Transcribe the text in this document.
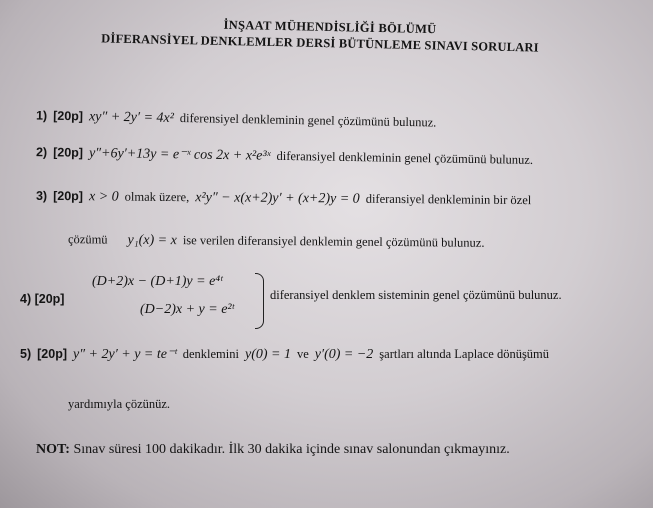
İNŞAAT MÜHENDİSLİĞİ BÖLÜMÜ
DİFERANSİYEL DENKLEMLER DERSİ BÜTÜNLEME SINAVI SORULARI
1) [20p] xy″ + 2y′ = 4x² diferensiyel denkleminin genel çözümünü bulunuz.
2) [20p] y″+6y′+13y = e⁻ˣ cos 2x + x²e³ˣ diferansiyel denkleminin genel çözümünü bulunuz.
3) [20p] x > 0 olmak üzere, x²y″ − x(x+2)y′ + (x+2)y = 0 diferansiyel denkleminin bir özel
çözümü y₁(x) = x ise verilen diferansiyel denklemin genel çözümünü bulunuz.
4) [20p]
(D+2)x − (D+1)y = e⁴ᵗ
(D−2)x + y = e²ᵗ
diferansiyel denklem sisteminin genel çözümünü bulunuz.
5) [20p] y″ + 2y′ + y = te⁻ᵗ denklemini y(0) = 1 ve y′(0) = −2 şartları altında Laplace dönüşümü
yardımıyla çözünüz.
NOT: Sınav süresi 100 dakikadır. İlk 30 dakika içinde sınav salonundan çıkmayınız.
